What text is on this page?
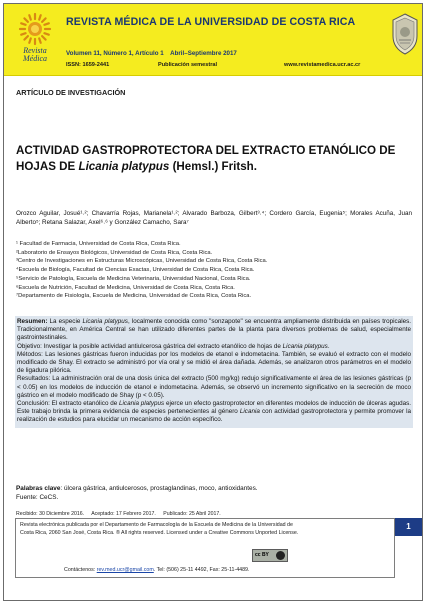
Revista
Médica
REVISTA MÉDICA DE LA UNIVERSIDAD DE COSTA RICA
Volumen 11, Número 1, Artículo 1 Abril–Septiembre 2017
ISSN: 1659-2441	Publicación semestral	www.revistamedica.ucr.ac.cr
ARTÍCULO DE INVESTIGACIÓN
ACTIVIDAD GASTROPROTECTORA DEL EXTRACTO ETANÓLICO DE HOJAS DE Licania platypus (Hemsl.) Fritsh.
Orozco Aguilar, Josué¹˒²; Chavarría Rojas, Marianela¹˒²; Alvarado Barboza, Gilbert³˒⁴; Cordero García, Eugenia⁵; Morales Acuña, Juan Alberto⁵; Retana Salazar, Axel⁶˒⁶ y González Camacho, Sara⁷
¹ Facultad de Farmacia, Universidad de Costa Rica, Costa Rica.
²Laboratorio de Ensayos Biológicos, Universidad de Costa Rica, Costa Rica.
³Centro de Investigaciones en Estructuras Microscópicas, Universidad de Costa Rica, Costa Rica.
⁴Escuela de Biología, Facultad de Ciencias Exactas, Universidad de Costa Rica, Costa Rica.
⁵Servicio de Patología, Escuela de Medicina Veterinaria, Universidad Nacional, Costa Rica.
⁶Escuela de Nutrición, Facultad de Medicina, Universidad de Costa Rica, Costa Rica.
⁷Departamento de Fisiología, Escuela de Medicina, Universidad de Costa Rica, Costa Rica.

Resumen: La especie Licania platypus, localmente conocida como "sonzapote" se encuentra ampliamente distribuida en países tropicales. Tradicionalmente, en América Central se han utilizado diferentes partes de la planta para diversos problemas de salud, especialmente gastrointestinales.

Objetivo: Investigar la posible actividad antiulcerosa gástrica del extracto etanólico de hojas de Licania platypus.

Métodos: Las lesiones gástricas fueron inducidas por los modelos de etanol e indometacina. También, se evaluó el extracto con el modelo modificado de Shay. El extracto se administró por vía oral y se midió el área dañada. Además, se analizaron otros parámetros en el modelo de ligadura pilórica.

Resultados: La administración oral de una dosis única del extracto (500 mg/kg) redujo significativamente el área de las lesiones gástricas (p < 0.05) en los modelos de inducción de etanol e indometacina. Además, se observó un incremento significativo en la secreción de moco gástrico en el modelo modificado de Shay (p < 0.05).

Conclusión: El extracto etanólico de Licania platypus ejerce un efecto gastroprotector en diferentes modelos de inducción de úlceras agudas. Este trabajo brinda la primera evidencia de especies pertenecientes al género Licania con actividad gastroprotectora y permite promover la realización de estudios para elucidar un mecanismo de acción específico.

Palabras clave: úlcera gástrica, antiulcerosos, prostaglandinas, moco, antioxidantes.
Fuente: CeCS.
Recibido: 30 Diciembre 2016. Aceptado: 17 Febrero 2017. Publicado: 25 Abril 2017.
Revista electrónica publicada por el Departamento de Farmacología de la Escuela de Medicina de la Universidad de
Costa Rica, 2060 San José, Costa Rica. ® All rights reserved. Licensed under a Creative Commons Unported License.
cc BY
Contáctenos: rev.med.ucr@gmail.com. Tel: (506) 25-11 4492, Fax: 25-11-4489.
1
